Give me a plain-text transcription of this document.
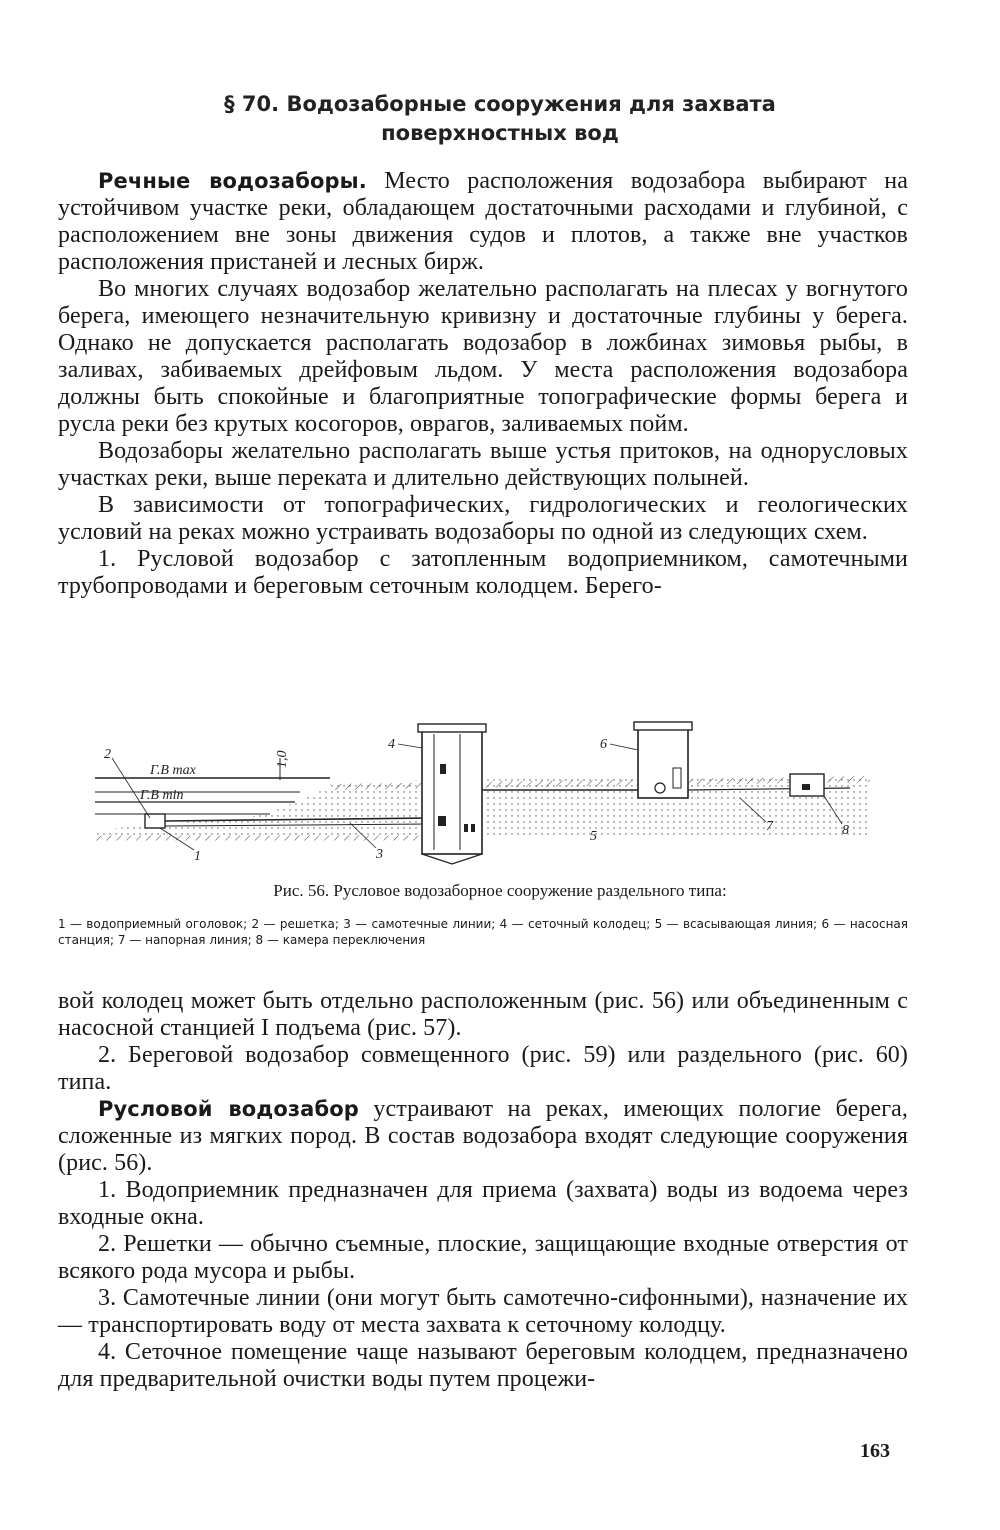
§ 70. Водозаборные сооружения для захвата
поверхностных вод

Речные водозаборы. Место расположения водозабора выбирают на устойчивом участке реки, обладающем достаточными расходами и глубиной, с расположением вне зоны движения судов и плотов, а также вне участков расположения пристаней и лесных бирж.

Во многих случаях водозабор желательно располагать на плесах у вогнутого берега, имеющего незначительную кривизну и достаточные глубины у берега. Однако не допускается располагать водозабор в ложбинах зимовья рыбы, в заливах, забиваемых дрейфовым льдом. У места расположения водозабора должны быть спокойные и благоприятные топографические формы берега и русла реки без крутых косогоров, оврагов, заливаемых пойм.

Водозаборы желательно располагать выше устья притоков, на однорусловых участках реки, выше переката и длительно действующих полыней.

В зависимости от топографических, гидрологических и геологических условий на реках можно устраивать водозаборы по одной из следующих схем.

1. Русловой водозабор с затопленным водоприемником, самотечными трубопроводами и береговым сеточным колодцем. Берего-

Г.В max
Г.В min
1,0
2
1	3
4
5
6
7	8
Рис. 56. Русловое водозаборное сооружение раздельного типа:
1 — водоприемный оголовок; 2 — решетка; 3 — самотечные линии; 4 — сеточный колодец; 5 — всасывающая линия; 6 — насосная станция; 7 — напорная линия; 8 — камера переключения

вой колодец может быть отдельно расположенным (рис. 56) или объединенным с насосной станцией I подъема (рис. 57).

2. Береговой водозабор совмещенного (рис. 59) или раздельного (рис. 60) типа.

Русловой водозабор устраивают на реках, имеющих пологие берега, сложенные из мягких пород. В состав водозабора входят следующие сооружения (рис. 56).

1. Водоприемник предназначен для приема (захвата) воды из водоема через входные окна.

2. Решетки — обычно съемные, плоские, защищающие входные отверстия от всякого рода мусора и рыбы.

3. Самотечные линии (они могут быть самотечно-сифонными), назначение их — транспортировать воду от места захвата к сеточному колодцу.

4. Сеточное помещение чаще называют береговым колодцем, предназначено для предварительной очистки воды путем процежи-

163
